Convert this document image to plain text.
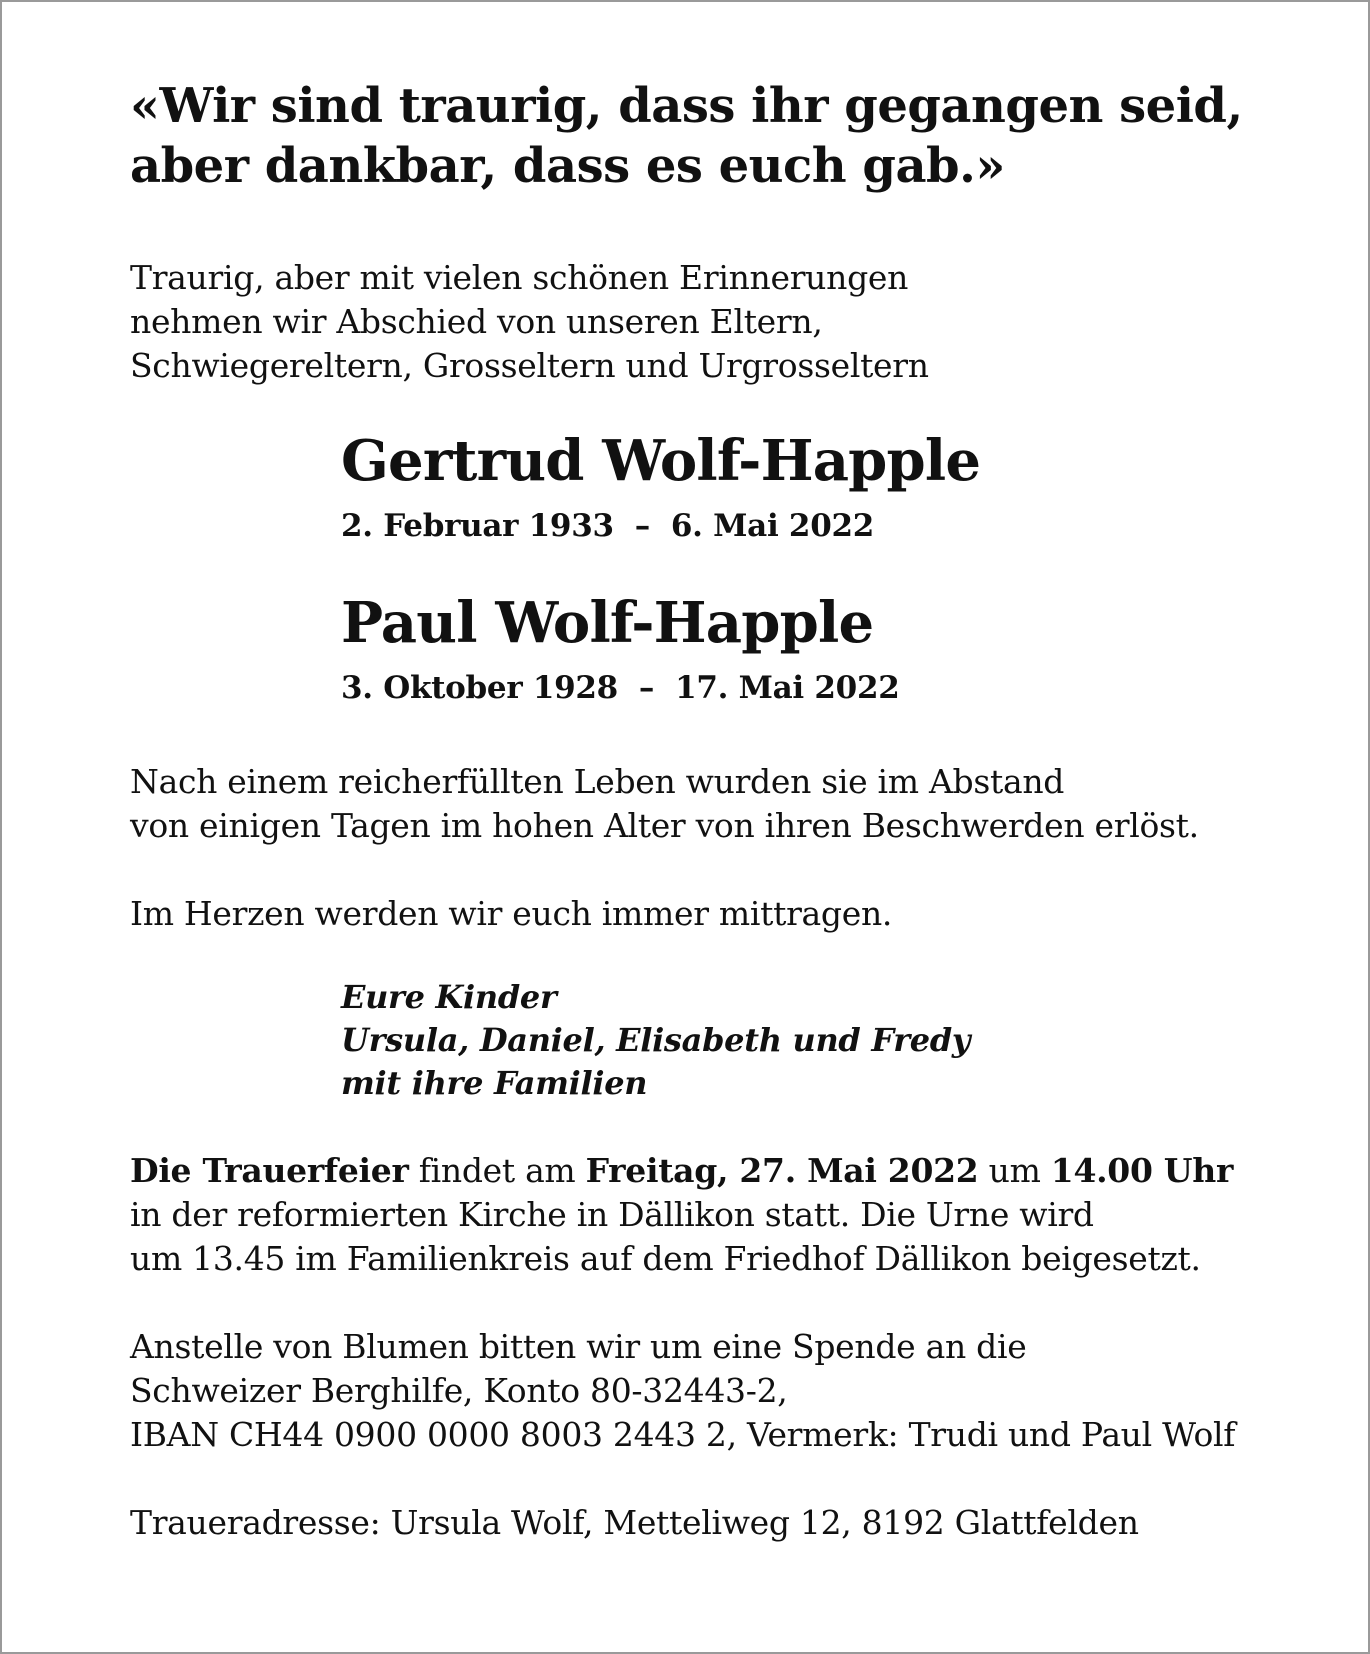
«Wir sind traurig, dass ihr gegangen seid,
aber dankbar, dass es euch gab.»

Traurig, aber mit vielen schönen Erinnerungen
nehmen wir Abschied von unseren Eltern,
Schwiegereltern, Grosseltern und Urgrosseltern

Gertrud Wolf-Happle

2. Februar 1933  –  6. Mai 2022

Paul Wolf-Happle

3. Oktober 1928  –  17. Mai 2022

Nach einem reicherfüllten Leben wurden sie im Abstand
von einigen Tagen im hohen Alter von ihren Beschwerden erlöst.

Im Herzen werden wir euch immer mittragen.

Eure Kinder
Ursula, Daniel, Elisabeth und Fredy
mit ihre Familien

Die Trauerfeier findet am Freitag, 27. Mai 2022 um 14.00 Uhr
in der reformierten Kirche in Dällikon statt. Die Urne wird
um 13.45 im Familienkreis auf dem Friedhof Dällikon beigesetzt.

Anstelle von Blumen bitten wir um eine Spende an die
Schweizer Berghilfe, Konto 80-32443-2,
IBAN CH44 0900 0000 8003 2443 2, Vermerk: Trudi und Paul Wolf

Traueradresse: Ursula Wolf, Metteliweg 12, 8192 Glattfelden
